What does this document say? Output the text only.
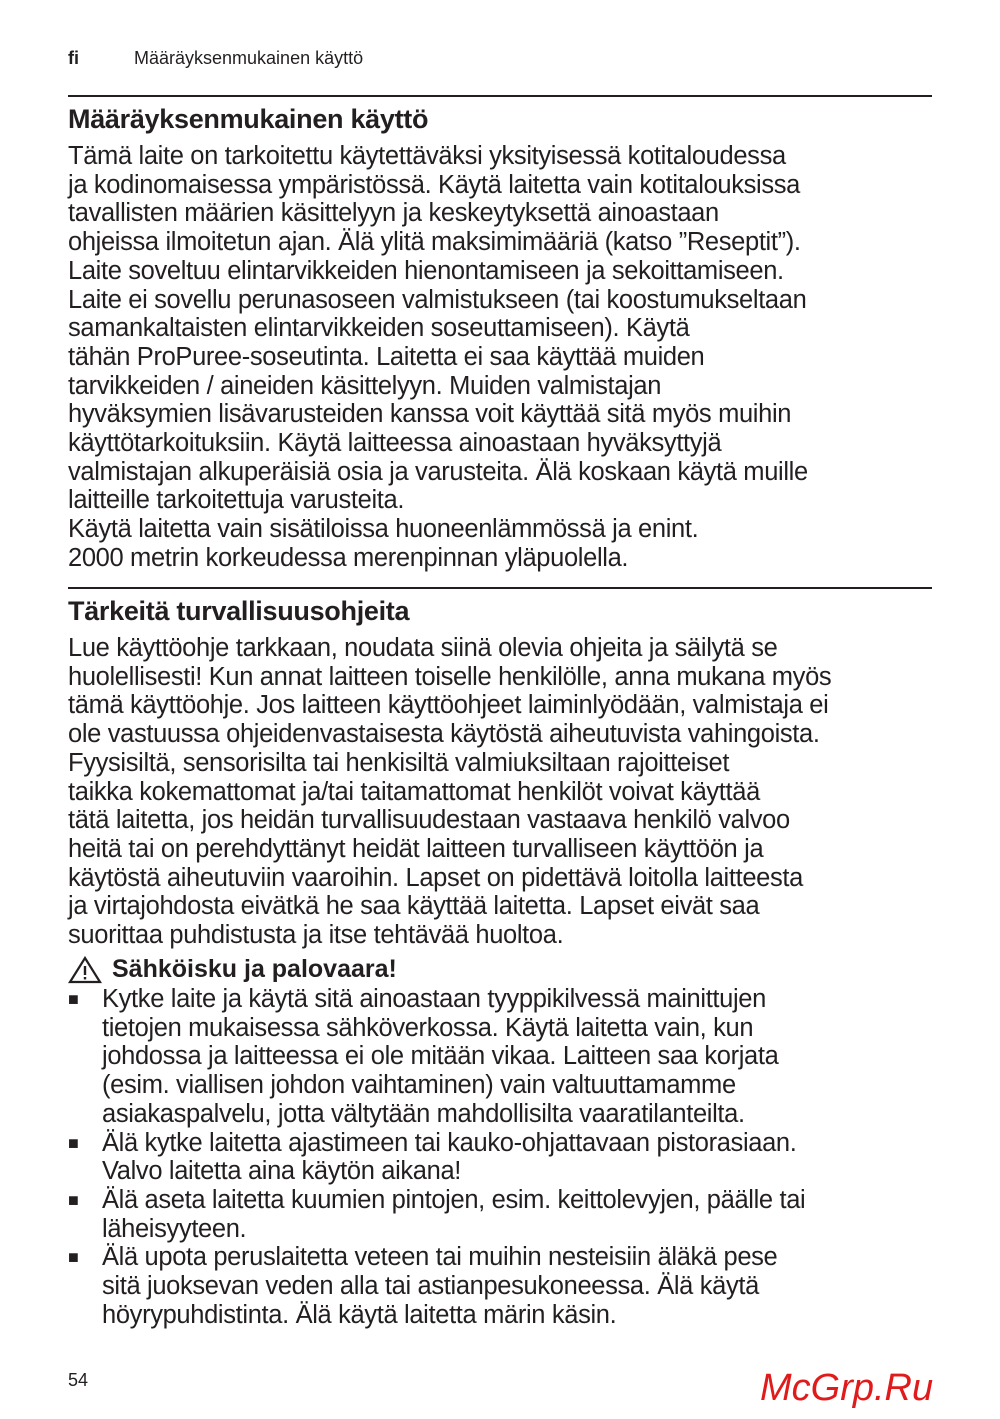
fi	Määräyksenmukainen käyttö
Määräyksenmukainen käyttö
Tämä laite on tarkoitettu käytettäväksi yksityisessä kotitaloudessa
ja kodinomaisessa ympäristössä. Käytä laitetta vain kotitalouksissa
tavallisten määrien käsittelyyn ja keskeytyksettä ainoastaan
ohjeissa ilmoitetun ajan. Älä ylitä maksimimääriä (katso ”Reseptit”).
Laite soveltuu elintarvikkeiden hienontamiseen ja sekoittamiseen.
Laite ei sovellu perunasoseen valmistukseen (tai koostumukseltaan
samankaltaisten elintarvikkeiden soseuttamiseen). Käytä
tähän ProPuree-soseutinta. Laitetta ei saa käyttää muiden
tarvikkeiden / aineiden käsittelyyn. Muiden valmistajan
hyväksymien lisävarusteiden kanssa voit käyttää sitä myös muihin
käyttötarkoituksiin. Käytä laitteessa ainoastaan hyväksyttyjä
valmistajan alkuperäisiä osia ja varusteita. Älä koskaan käytä muille
laitteille tarkoitettuja varusteita.
Käytä laitetta vain sisätiloissa huoneenlämmössä ja enint.
2000 metrin korkeudessa merenpinnan yläpuolella.
Tärkeitä turvallisuusohjeita
Lue käyttöohje tarkkaan, noudata siinä olevia ohjeita ja säilytä se
huolellisesti! Kun annat laitteen toiselle henkilölle, anna mukana myös
tämä käyttöohje. Jos laitteen käyttöohjeet laiminlyödään, valmistaja ei
ole vastuussa ohjeidenvastaisesta käytöstä aiheutuvista vahingoista.
Fyysisiltä, sensorisilta tai henkisiltä valmiuksiltaan rajoitteiset
taikka kokemattomat ja/tai taitamattomat henkilöt voivat käyttää
tätä laitetta, jos heidän turvallisuudestaan vastaava henkilö valvoo
heitä tai on perehdyttänyt heidät laitteen turvalliseen käyttöön ja
käytöstä aiheutuviin vaaroihin. Lapset on pidettävä loitolla laitteesta
ja virtajohdosta eivätkä he saa käyttää laitetta. Lapset eivät saa
suorittaa puhdistusta ja itse tehtävää huoltoa.
Sähköisku ja palovaara!
■ Kytke laite ja käytä sitä ainoastaan tyyppikilvessä mainittujen
tietojen mukaisessa sähköverkossa. Käytä laitetta vain, kun
johdossa ja laitteessa ei ole mitään vikaa. Laitteen saa korjata
(esim. viallisen johdon vaihtaminen) vain valtuuttamamme
asiakaspalvelu, jotta vältytään mahdollisilta vaaratilanteilta.
■ Älä kytke laitetta ajastimeen tai kauko-ohjattavaan pistorasiaan.
Valvo laitetta aina käytön aikana!
■ Älä aseta laitetta kuumien pintojen, esim. keittolevyjen, päälle tai
läheisyyteen.
■ Älä upota peruslaitetta veteen tai muihin nesteisiin äläkä pese
sitä juoksevan veden alla tai astianpesukoneessa. Älä käytä
höyrypuhdistinta. Älä käytä laitetta märin käsin.
McGrp.Ru
54
